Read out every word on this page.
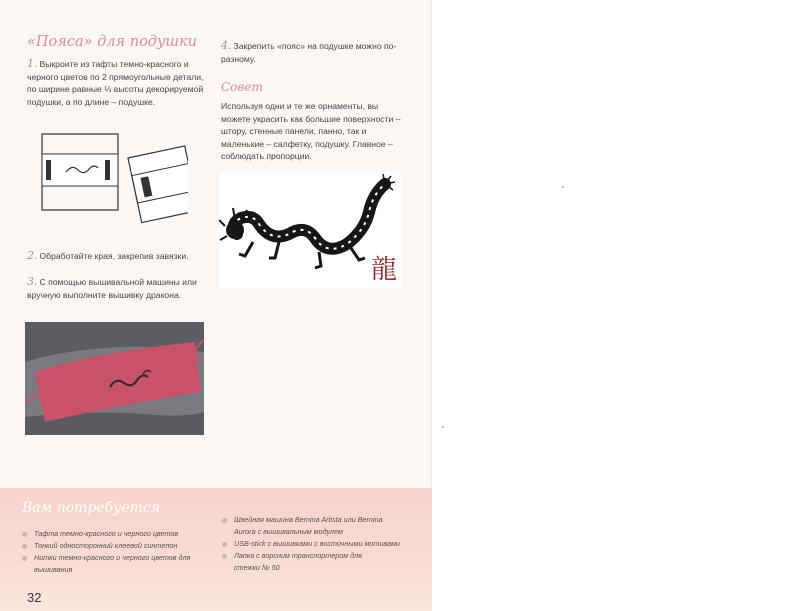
«Пояса» для подушки
1. Выкроите из тафты темно-красного и черного цветов по 2 прямоугольные детали, по ширине равные ⅓ высоты декорируемой подушки, а по длине – подушке.
2. Обработайте края, закрепив завязки.
3. С помощью вышивальной машины или вручную выполните вышивку дракона.
4. Закрепить «пояс» на подушке можно по-разному.
Совет
Используя одни и те же орнаменты, вы можете украсить как большие поверхности – штору, стенные панели, панно, так и маленькие – салфетку, подушку. Главное – соблюдать пропорции.
龍
Вам потребуется
Тафта темно-красного и черного цветов
Тонкий односторонний клеевой синтепон
Нитки темно-красного и черного цветов для вышивания
Швейная машина Bernina Artista или Bernina Aurora с вышивальным модулем
USB-stick с вышивками с восточными мотивами
Лапка с ворсним транспортером для стежки № 50
32
